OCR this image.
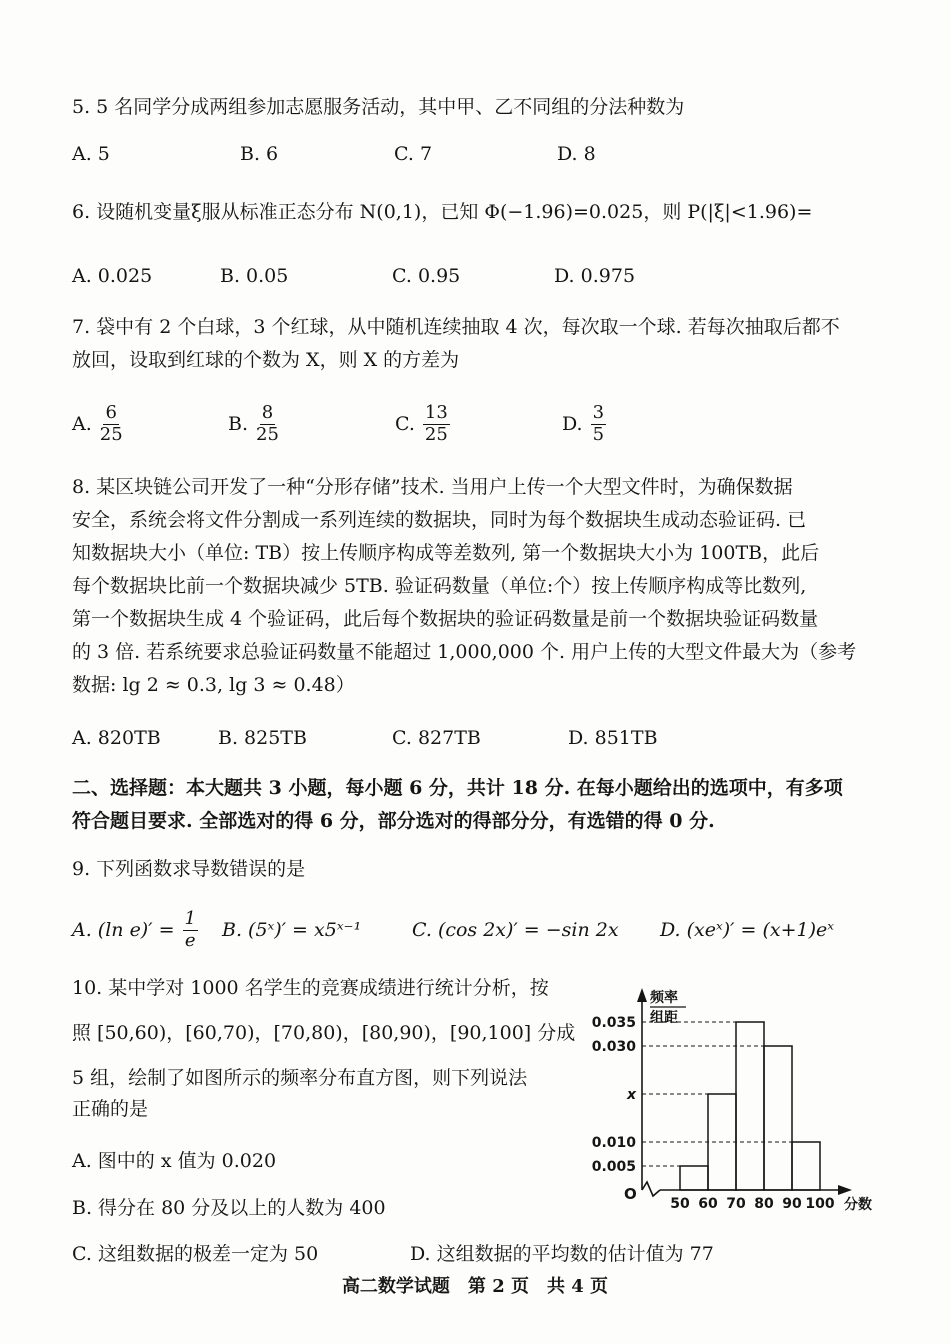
5. 5 名同学分成两组参加志愿服务活动，其中甲、乙不同组的分法种数为
A. 5	B. 6	C. 7	D. 8
6. 设随机变量ξ服从标准正态分布 N(0,1)，已知 Φ(−1.96)=0.025，则 P(|ξ|<1.96)=
A. 0.025	B. 0.05	C. 0.95	D. 0.975
7. 袋中有 2 个白球，3 个红球，从中随机连续抽取 4 次，每次取一个球. 若每次抽取后都不
放回，设取到红球的个数为 X，则 X 的方差为
A. $\frac{6}{25}$	B. $\frac{8}{25}$	C. $\frac{13}{25}$	D. $\frac{3}{5}$
8. 某区块链公司开发了一种“分形存储”技术. 当用户上传一个大型文件时，为确保数据
安全，系统会将文件分割成一系列连续的数据块，同时为每个数据块生成动态验证码. 已
知数据块大小（单位: TB）按上传顺序构成等差数列, 第一个数据块大小为 100TB，此后
每个数据块比前一个数据块减少 5TB. 验证码数量（单位:个）按上传顺序构成等比数列,
第一个数据块生成 4 个验证码，此后每个数据块的验证码数量是前一个数据块验证码数量
的 3 倍. 若系统要求总验证码数量不能超过 1,000,000 个. 用户上传的大型文件最大为（参考
数据: lg 2 ≈ 0.3, lg 3 ≈ 0.48）
A. 820TB	B. 825TB	C. 827TB	D. 851TB
二、选择题：本大题共 3 小题，每小题 6 分，共计 18 分. 在每小题给出的选项中，有多项
符合题目要求. 全部选对的得 6 分，部分选对的得部分分，有选错的得 0 分.
9. 下列函数求导数错误的是
A. (ln $e)' = \frac{1}{e} B$. (5ˣ)′ = x5ˣ⁻¹	C. (cos 2x)′ = −sin 2x D. (xeˣ)′ = (x+1)eˣ
10. 某中学对 1000 名学生的竞赛成绩进行统计分析，按
照 [50,60)，[60,70)，[70,80)，[80,90)，[90,100] 分成
5 组，绘制了如图所示的频率分布直方图，则下列说法
正确的是
A. 图中的 x 值为 0.020
B. 得分在 80 分及以上的人数为 400
C. 这组数据的极差一定为 50	D. 这组数据的平均数的估计值为 77
O
频率
组距
分数
0.035
0.030
x
0.010
0.005
50 60 70 80 90 100
高二数学试题　第 2 页　共 4 页
